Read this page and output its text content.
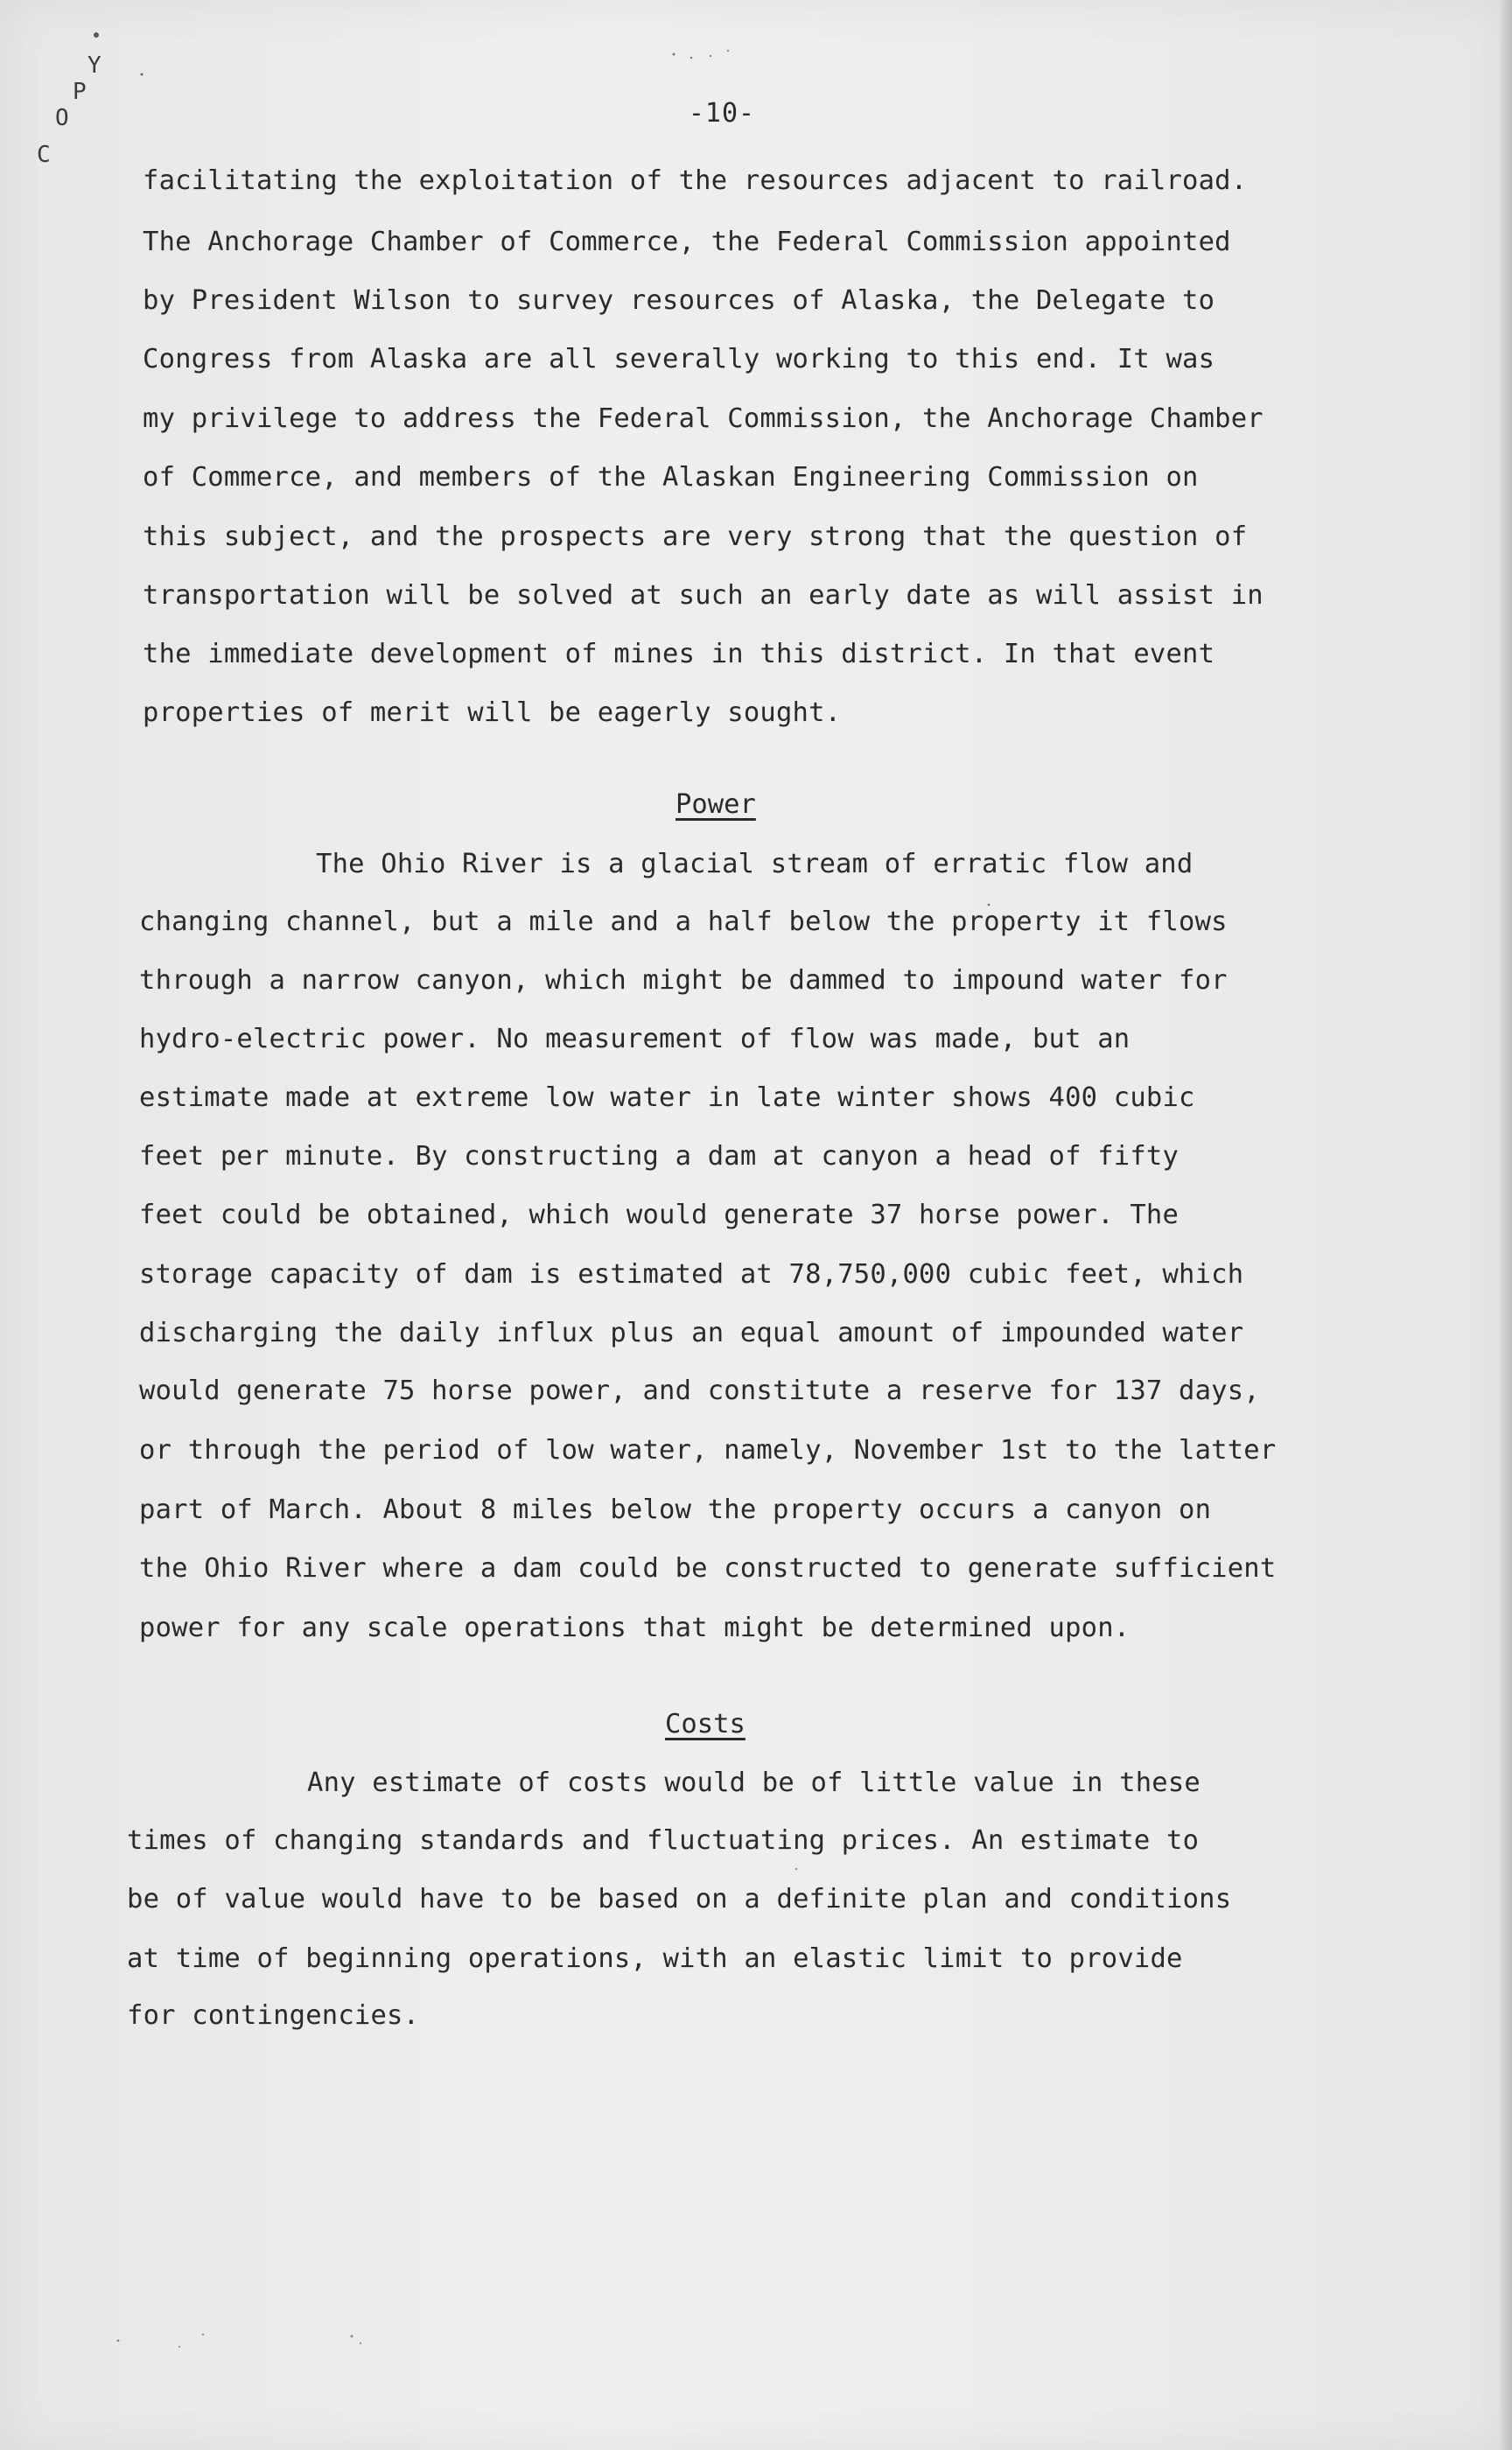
Y
P
O
C
-10-
facilitating the exploitation of the resources adjacent to railroad.
The Anchorage Chamber of Commerce, the Federal Commission appointed
by President Wilson to survey resources of Alaska, the Delegate to
Congress from Alaska are all severally working to this end. It was
my privilege to address the Federal Commission, the Anchorage Chamber
of Commerce, and members of the Alaskan Engineering Commission on
this subject, and the prospects are very strong that the question of
transportation will be solved at such an early date as will assist in
the immediate development of mines in this district. In that event
properties of merit will be eagerly sought.
Power
The Ohio River is a glacial stream of erratic flow and
changing channel, but a mile and a half below the property it flows
through a narrow canyon, which might be dammed to impound water for
hydro-electric power. No measurement of flow was made, but an
estimate made at extreme low water in late winter shows 400 cubic
feet per minute. By constructing a dam at canyon a head of fifty
feet could be obtained, which would generate 37 horse power. The
storage capacity of dam is estimated at 78,750,000 cubic feet, which
discharging the daily influx plus an equal amount of impounded water
would generate 75 horse power, and constitute a reserve for 137 days,
or through the period of low water, namely, November 1st to the latter
part of March. About 8 miles below the property occurs a canyon on
the Ohio River where a dam could be constructed to generate sufficient
power for any scale operations that might be determined upon.
Costs
Any estimate of costs would be of little value in these
times of changing standards and fluctuating prices. An estimate to
be of value would have to be based on a definite plan and conditions
at time of beginning operations, with an elastic limit to provide
for contingencies.
